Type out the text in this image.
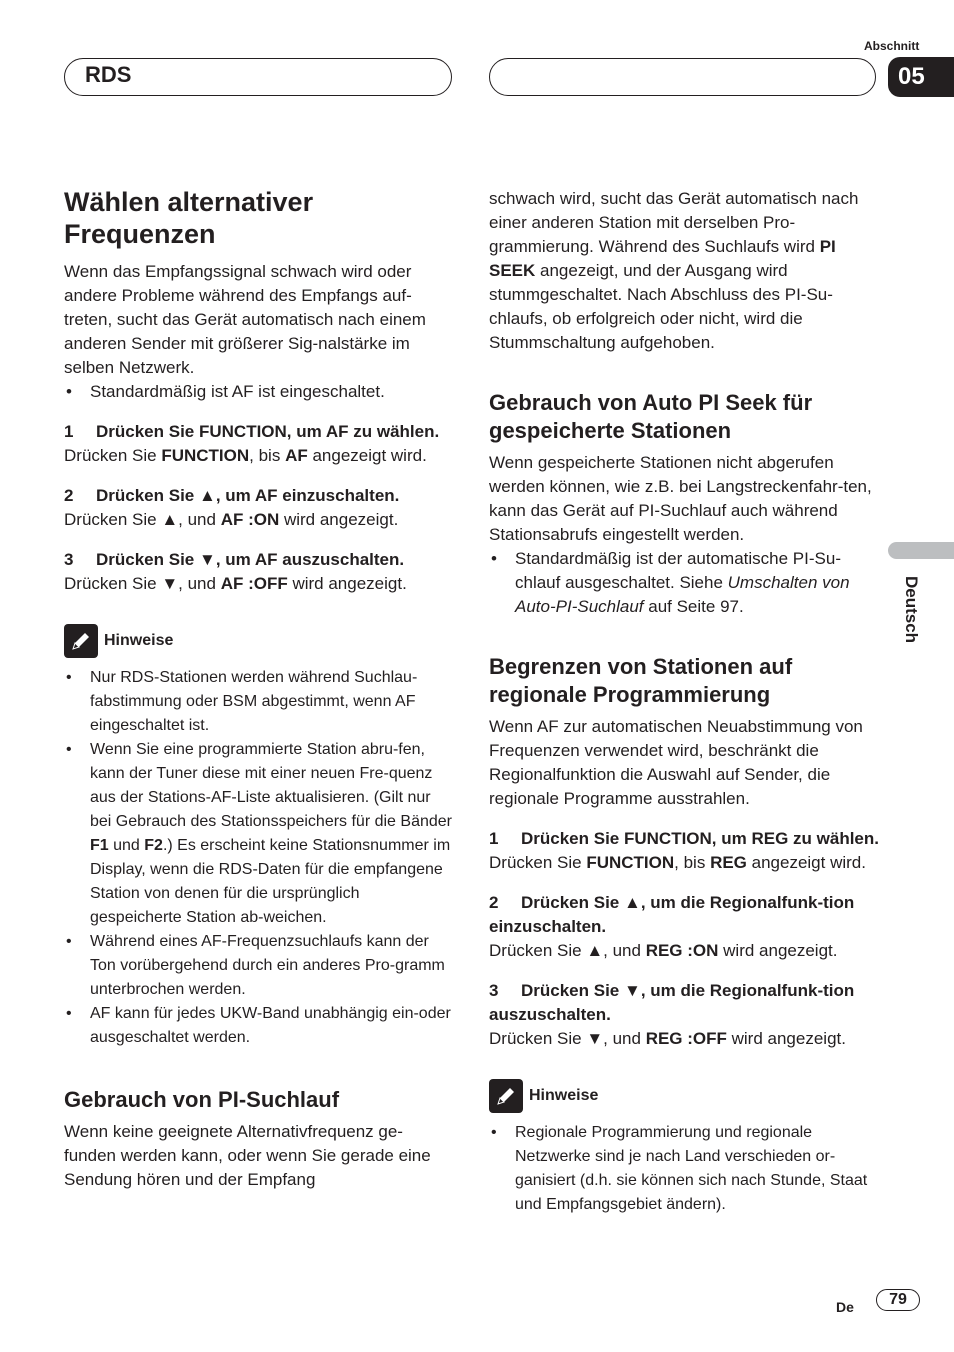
RDS
Abschnitt
05
Deutsch
Wählen alternativer Frequenzen

Wenn das Empfangssignal schwach wird oder andere Probleme während des Empfangs auf-treten, sucht das Gerät automatisch nach einem anderen Sender mit größerer Sig-nalstärke im selben Netzwerk.

• Standardmäßig ist AF ist eingeschaltet.
1 Drücken Sie FUNCTION, um AF zu wählen.

Drücken Sie FUNCTION, bis AF angezeigt wird.

2 Drücken Sie ▲, um AF einzuschalten.

Drücken Sie ▲, und AF :ON wird angezeigt.

3 Drücken Sie ▼, um AF auszuschalten.

Drücken Sie ▼, und AF :OFF wird angezeigt.

Hinweise
• Nur RDS-Stationen werden während Suchlau-fabstimmung oder BSM abgestimmt, wenn AF eingeschaltet ist.
• Wenn Sie eine programmierte Station abru-fen, kann der Tuner diese mit einer neuen Fre-quenz aus der Stations-AF-Liste aktualisieren. (Gilt nur bei Gebrauch des Stationsspeichers für die Bänder F1 und F2.) Es erscheint keine Stationsnummer im Display, wenn die RDS-Daten für die empfangene Station von denen für die ursprünglich gespeicherte Station ab-weichen.
• Während eines AF-Frequenzsuchlaufs kann der Ton vorübergehend durch ein anderes Pro-gramm unterbrochen werden.
• AF kann für jedes UKW-Band unabhängig ein-oder ausgeschaltet werden.
Gebrauch von PI-Suchlauf

Wenn keine geeignete Alternativfrequenz ge-funden werden kann, oder wenn Sie gerade eine Sendung hören und der Empfang

schwach wird, sucht das Gerät automatisch nach einer anderen Station mit derselben Pro-grammierung. Während des Suchlaufs wird PI SEEK angezeigt, und der Ausgang wird stummgeschaltet. Nach Abschluss des PI-Su-chlaufs, ob erfolgreich oder nicht, wird die Stummschaltung aufgehoben.

Gebrauch von Auto PI Seek für gespeicherte Stationen

Wenn gespeicherte Stationen nicht abgerufen werden können, wie z.B. bei Langstreckenfahr-ten, kann das Gerät auf PI-Suchlauf auch während Stationsabrufs eingestellt werden.

• Standardmäßig ist der automatische PI-Su-chlauf ausgeschaltet. Siehe Umschalten von Auto-PI-Suchlauf auf Seite 97.
Begrenzen von Stationen auf regionale Programmierung

Wenn AF zur automatischen Neuabstimmung von Frequenzen verwendet wird, beschränkt die Regionalfunktion die Auswahl auf Sender, die regionale Programme ausstrahlen.

1 Drücken Sie FUNCTION, um REG zu wählen.

Drücken Sie FUNCTION, bis REG angezeigt wird.

2 Drücken Sie ▲, um die Regionalfunk-tion einzuschalten.

Drücken Sie ▲, und REG :ON wird angezeigt.

3 Drücken Sie ▼, um die Regionalfunk-tion auszuschalten.

Drücken Sie ▼, und REG :OFF wird angezeigt.

Hinweise
• Regionale Programmierung und regionale Netzwerke sind je nach Land verschieden or-ganisiert (d.h. sie können sich nach Stunde, Staat und Empfangsgebiet ändern).
De	79
